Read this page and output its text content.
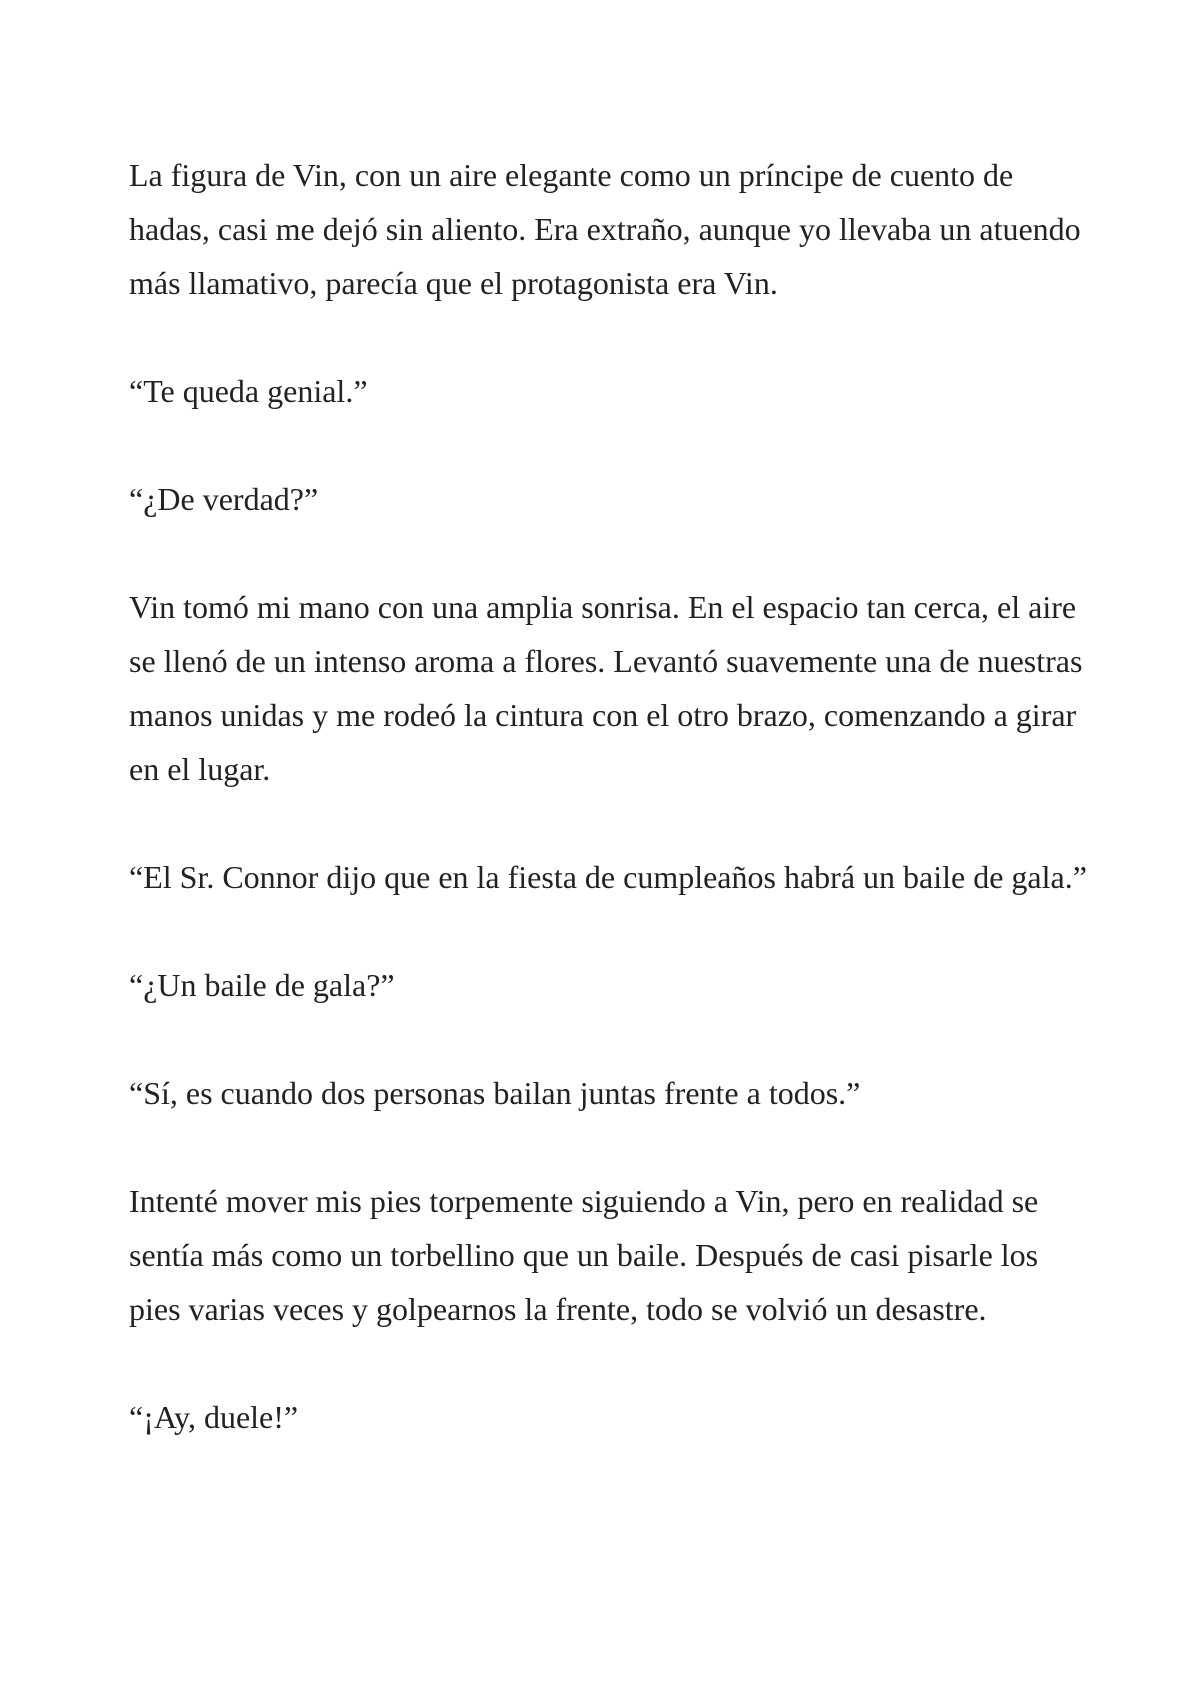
La figura de Vin, con un aire elegante como un príncipe de cuento de hadas, casi me dejó sin aliento. Era extraño, aunque yo llevaba un atuendo más llamativo, parecía que el protagonista era Vin.

“Te queda genial.”

“¿De verdad?”

Vin tomó mi mano con una amplia sonrisa. En el espacio tan cerca, el aire se llenó de un intenso aroma a flores. Levantó suavemente una de nuestras manos unidas y me rodeó la cintura con el otro brazo, comenzando a girar en el lugar.

“El Sr. Connor dijo que en la fiesta de cumpleaños habrá un baile de gala.”

“¿Un baile de gala?”

“Sí, es cuando dos personas bailan juntas frente a todos.”

Intenté mover mis pies torpemente siguiendo a Vin, pero en realidad se sentía más como un torbellino que un baile. Después de casi pisarle los pies varias veces y golpearnos la frente, todo se volvió un desastre.

“¡Ay, duele!”
